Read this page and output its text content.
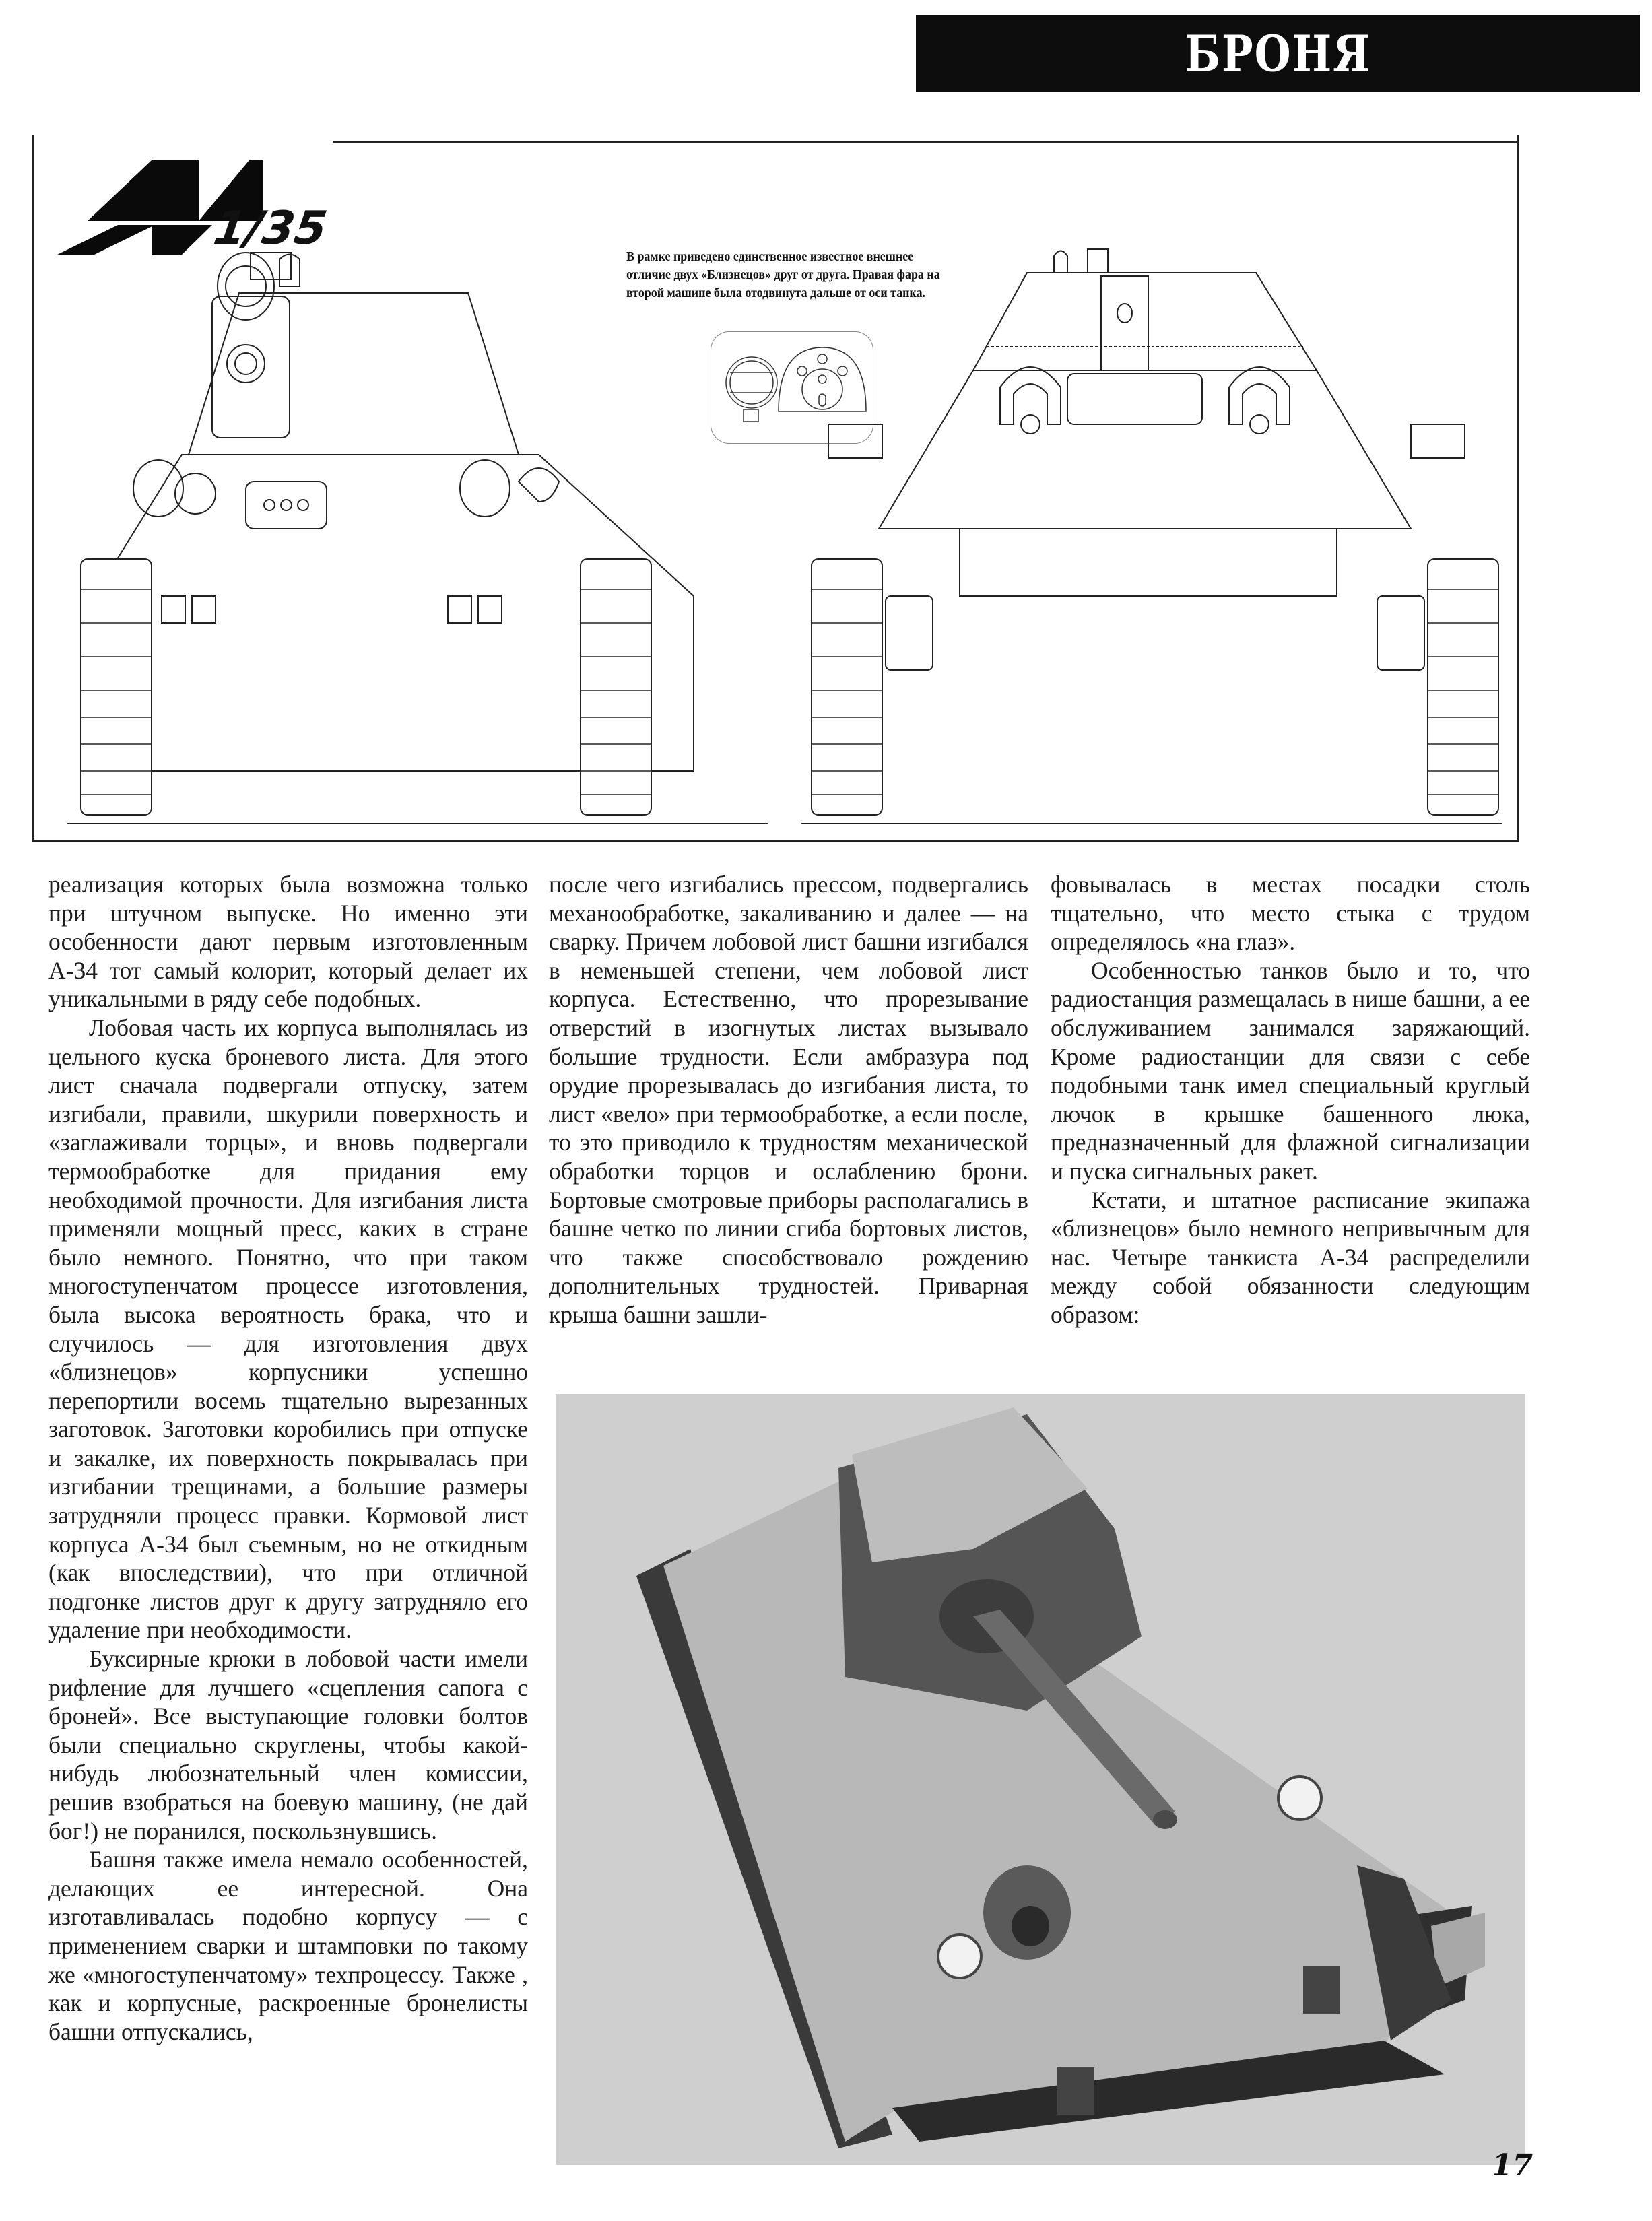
БРОНЯ
1/35
В рамке приведено единственное известное внешнее отличие двух «Близнецов» друг от друга. Правая фара на второй машине была отодвинута дальше от оси танка.

реализация которых была возможна только при штучном выпуске. Но именно эти особенности дают первым изготовленным А-34 тот самый колорит, который делает их уникальными в ряду себе подобных.

Лобовая часть их корпуса выполнялась из цельного куска броневого листа. Для этого лист сначала подвергали отпуску, затем изгибали, правили, шкурили поверхность и «заглаживали торцы», и вновь подвергали термообработке для придания ему необходимой прочности. Для изгибания листа применяли мощный пресс, каких в стране было немного. Понятно, что при таком многоступенчатом процессе изготовления, была высока вероятность брака, что и случилось — для изготовления двух «близнецов» корпусники успешно перепортили восемь тщательно вырезанных заготовок. Заготовки коробились при отпуске и закалке, их поверхность покрывалась при изгибании трещинами, а большие размеры затрудняли процесс правки. Кормовой лист корпуса А-34 был съемным, но не откидным (как впоследствии), что при отличной подгонке листов друг к другу затрудняло его удаление при необходимости.

Буксирные крюки в лобовой части имели рифление для лучшего «сцепления сапога с броней». Все выступающие головки болтов были специально скруглены, чтобы какой-нибудь любознательный член комиссии, решив взобраться на боевую машину, (не дай бог!) не поранился, поскользнувшись.

Башня также имела немало особенностей, делающих ее интересной. Она изготавливалась подобно корпусу — с применением сварки и штамповки по такому же «многоступенчатому» техпроцессу. Также , как и корпусные, раскроенные бронелисты башни отпускались,

после чего изгибались прессом, подвергались механообработке, закаливанию и далее — на сварку. Причем лобовой лист башни изгибался в неменьшей степени, чем лобовой лист корпуса. Естественно, что прорезывание отверстий в изогнутых листах вызывало большие трудности. Если амбразура под орудие прорезывалась до изгибания листа, то лист «вело» при термообработке, а если после, то это приводило к трудностям механической обработки торцов и ослаблению брони. Бортовые смотровые приборы располагались в башне четко по линии сгиба бортовых листов, что также способствовало рождению дополнительных трудностей. Приварная крыша башни зашли-

фовывалась в местах посадки столь тщательно, что место стыка с трудом определялось «на глаз».

Особенностью танков было и то, что радиостанция размещалась в нише башни, а ее обслуживанием занимался заряжающий. Кроме радиостанции для связи с себе подобными танк имел специальный круглый лючок в крышке башенного люка, предназначенный для флажной сигнализации и пуска сигнальных ракет.

Кстати, и штатное расписание экипажа «близнецов» было немного непривычным для нас. Четыре танкиста А-34 распределили между собой обязанности следующим образом:

17
